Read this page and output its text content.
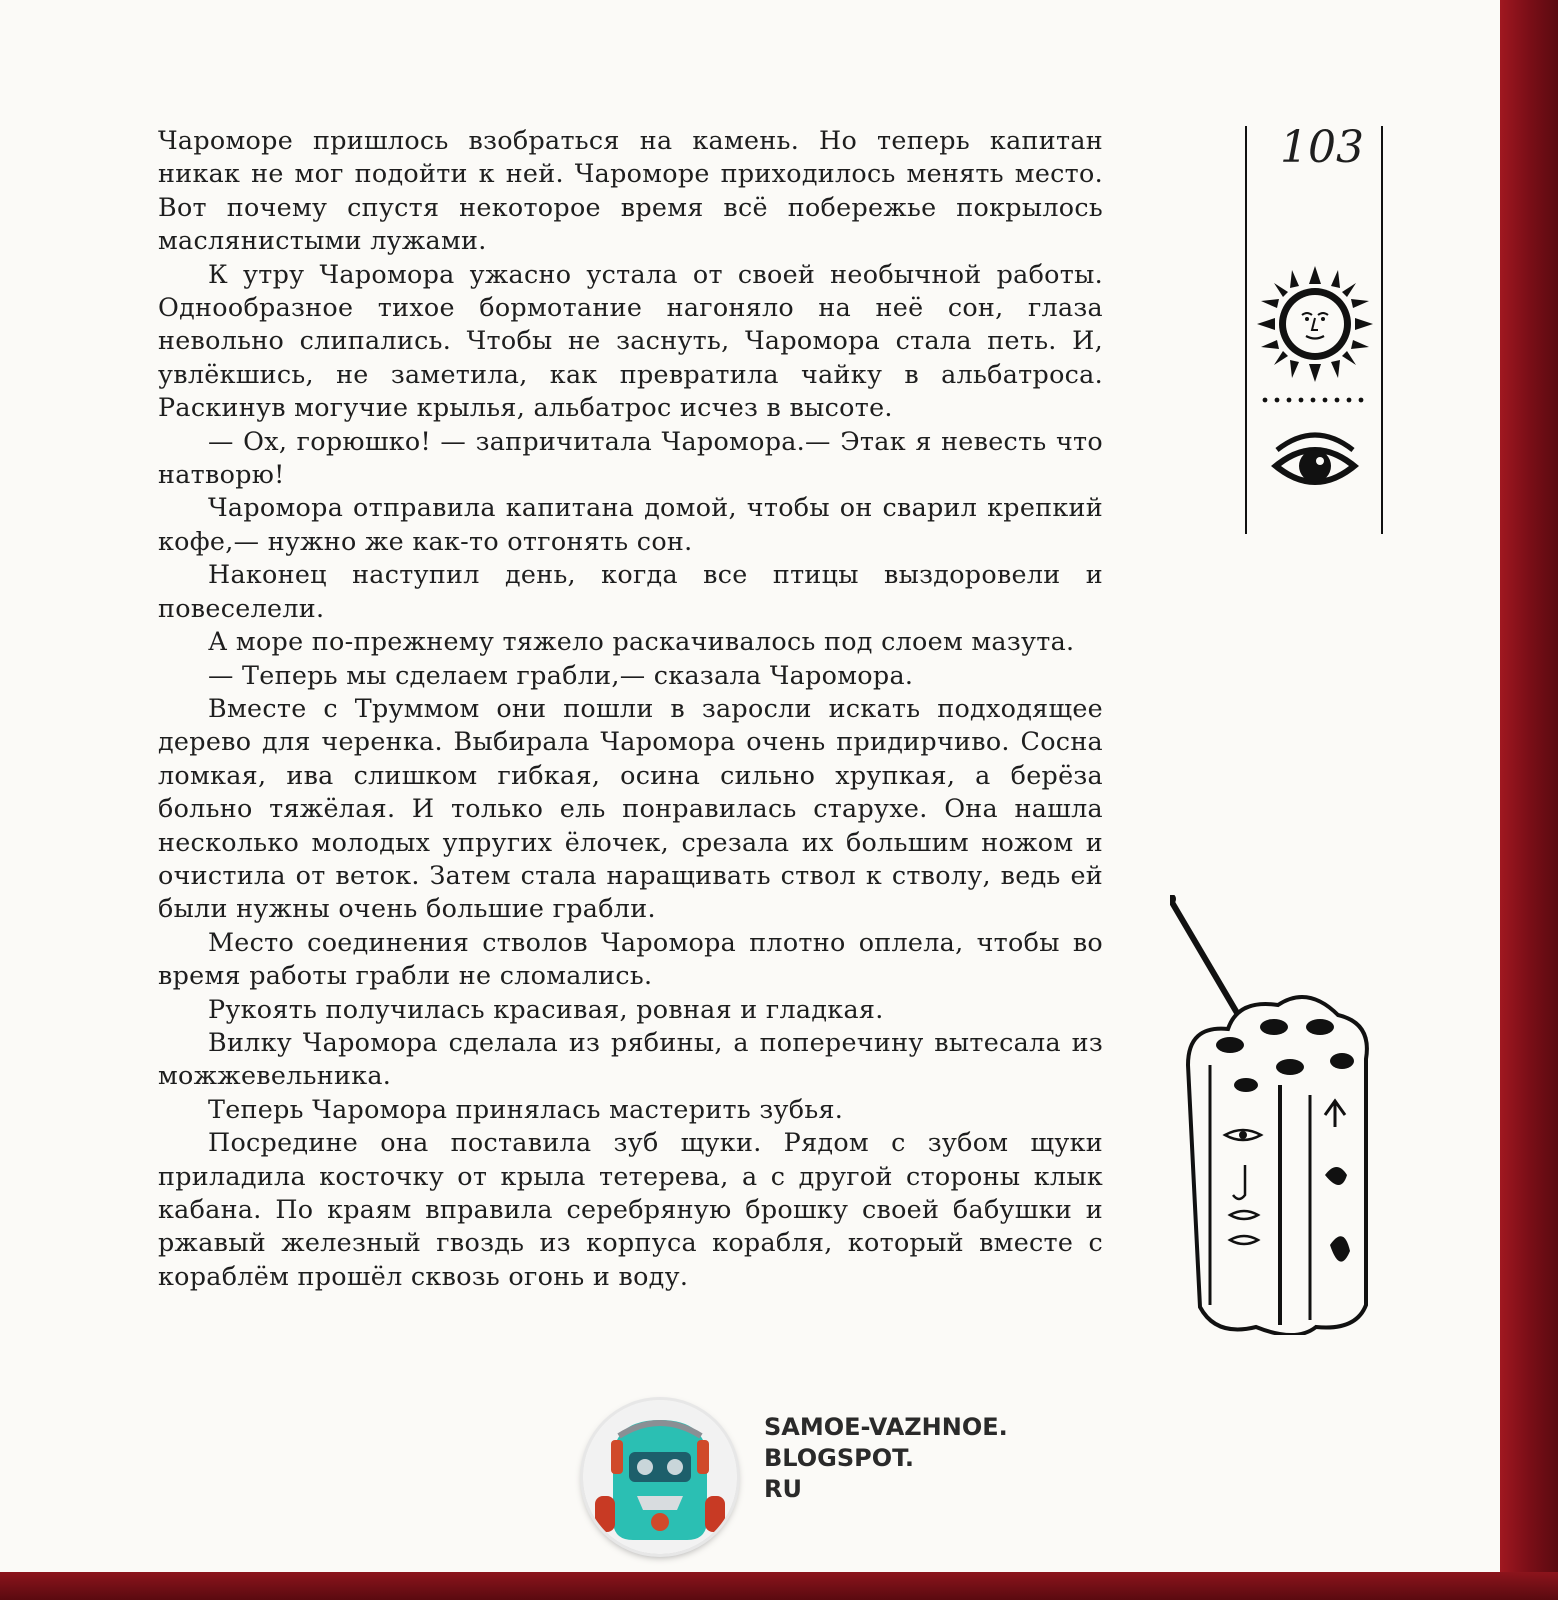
Чароморе пришлось взобраться на камень. Но теперь капитан никак не мог подойти к ней. Чароморе приходилось менять место. Вот почему спустя некоторое время всё побережье покрылось маслянистыми лужами.

К утру Чароморa ужасно устала от своей необычной работы. Однообразное тихое бормотание нагоняло на неё сон, глаза невольно слипались. Чтобы не заснуть, Чаромора стала петь. И, увлёкшись, не заметила, как превратила чайку в альбатроса. Раскинув могучие крылья, альбатрос исчез в высоте.

— Ох, горюшко! — запричитала Чаромора.— Этак я невесть что натворю!

Чаромора отправила капитана домой, чтобы он сварил крепкий кофе,— нужно же как-то отгонять сон.

Наконец наступил день, когда все птицы выздоровели и повеселели.

А море по-прежнему тяжело раскачивалось под слоем мазута.

— Теперь мы сделаем грабли,— сказала Чаромора.

Вместе с Труммом они пошли в заросли искать подходящее дерево для черенка. Выбирала Чаромора очень придирчиво. Сосна ломкая, ива слишком гибкая, осина сильно хрупкая, а берёза больно тяжёлая. И только ель понравилась старухе. Она нашла несколько молодых упругих ёлочек, срезала их большим ножом и очистила от веток. Затем стала наращивать ствол к стволу, ведь ей были нужны очень большие грабли.

Место соединения стволов Чаромора плотно оплела, чтобы во время работы грабли не сломались.

Рукоять получилась красивая, ровная и гладкая.

Вилку Чаромора сделала из рябины, а поперечину вытесала из можжевельника.

Теперь Чаромора принялась мастерить зубья.

Посредине она поставила зуб щуки. Рядом с зубом щуки приладила косточку от крыла тетерева, а с другой стороны клык кабана. По краям вправила серебряную брошку своей бабушки и ржавый железный гвоздь из корпуса корабля, который вместе с кораблём прошёл сквозь огонь и воду.

103
SAMOE-VAZHNOE.
BLOGSPOT.
RU
